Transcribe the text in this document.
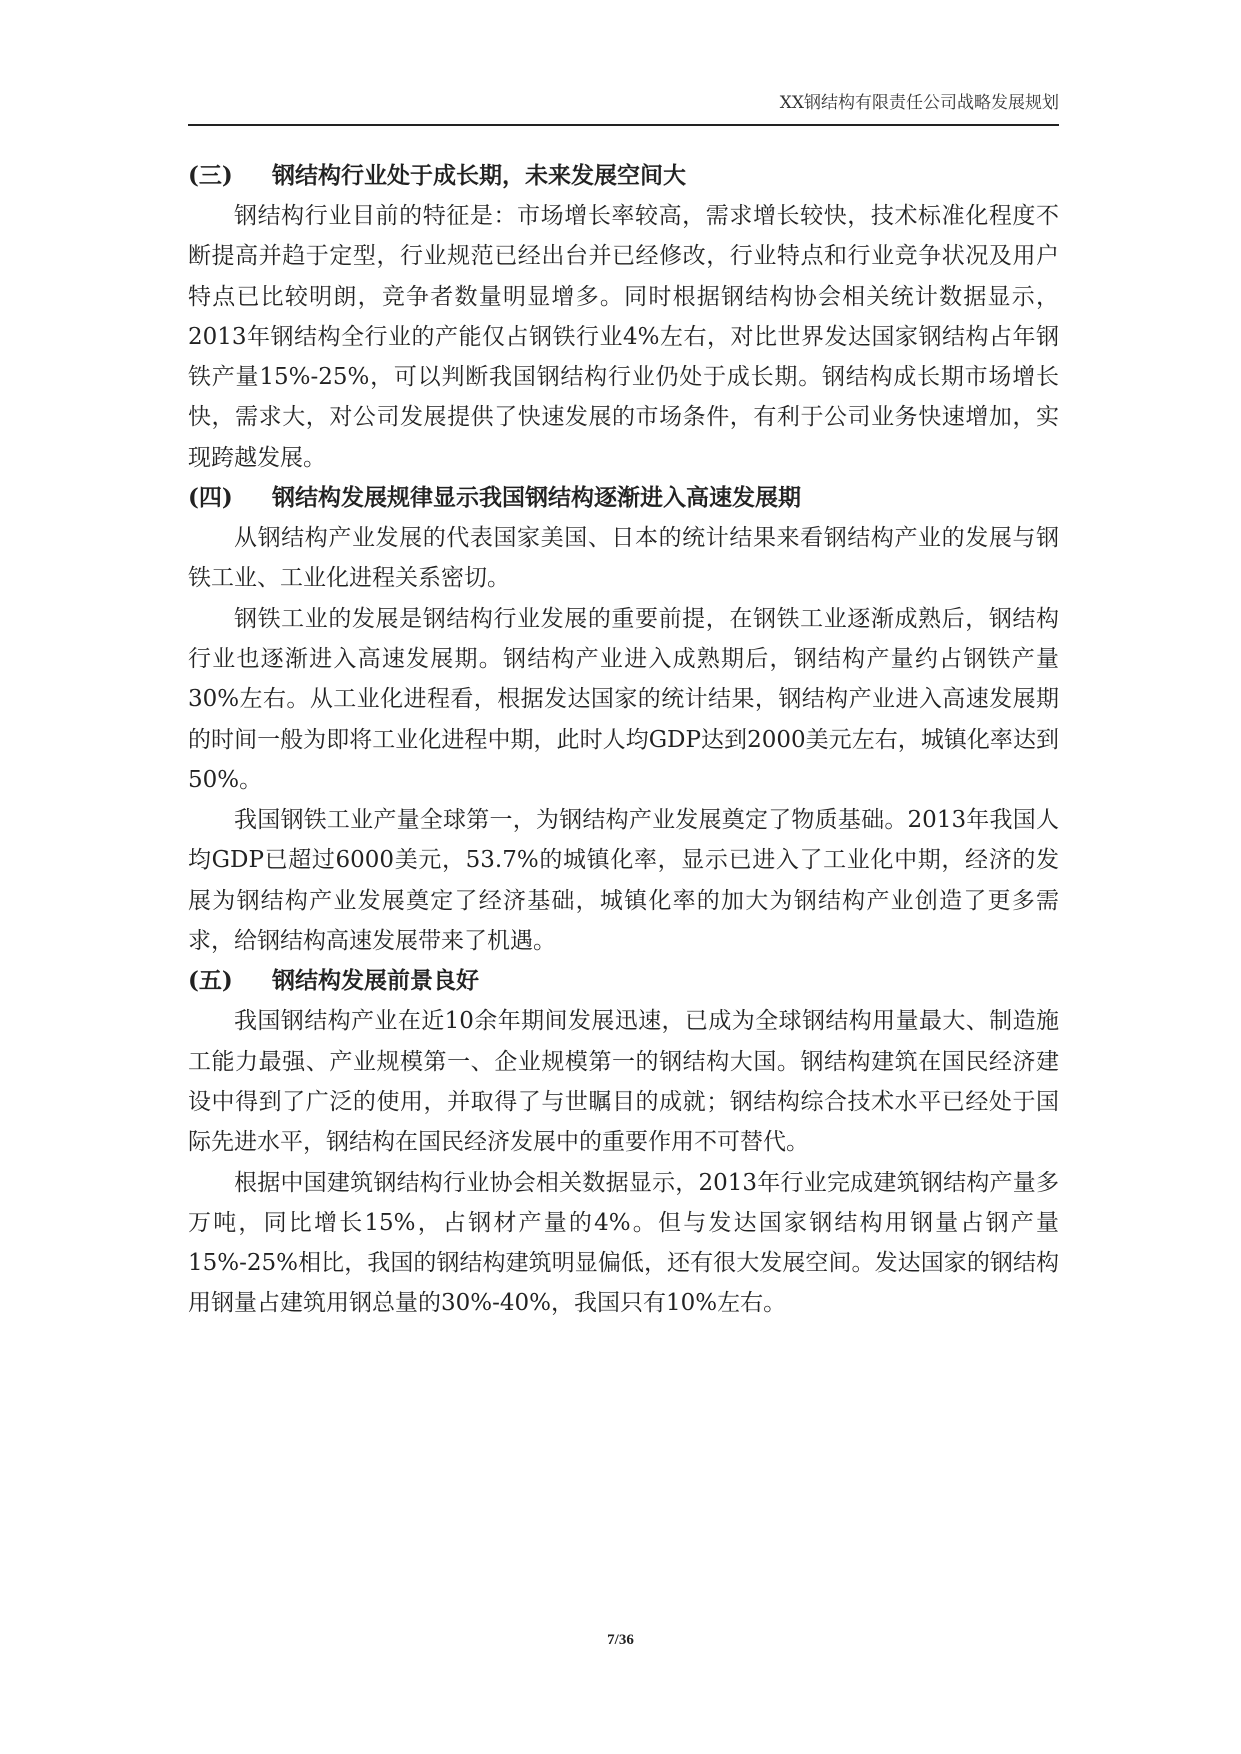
XX钢结构有限责任公司战略发展规划
(三)	钢结构行业处于成长期，未来发展空间大

钢结构行业目前的特征是：市场增长率较高，需求增长较快，技术标准化程度不断提高并趋于定型，行业规范已经出台并已经修改，行业特点和行业竞争状况及用户特点已比较明朗，竞争者数量明显增多。同时根据钢结构协会相关统计数据显示，2013年钢结构全行业的产能仅占钢铁行业4%左右，对比世界发达国家钢结构占年钢铁产量15%-25%，可以判断我国钢结构行业仍处于成长期。钢结构成长期市场增长快，需求大，对公司发展提供了快速发展的市场条件，有利于公司业务快速增加，实现跨越发展。

(四)	钢结构发展规律显示我国钢结构逐渐进入高速发展期

从钢结构产业发展的代表国家美国、日本的统计结果来看钢结构产业的发展与钢铁工业、工业化进程关系密切。

钢铁工业的发展是钢结构行业发展的重要前提，在钢铁工业逐渐成熟后，钢结构行业也逐渐进入高速发展期。钢结构产业进入成熟期后，钢结构产量约占钢铁产量30%左右。从工业化进程看，根据发达国家的统计结果，钢结构产业进入高速发展期的时间一般为即将工业化进程中期，此时人均GDP达到2000美元左右，城镇化率达到50%。

我国钢铁工业产量全球第一，为钢结构产业发展奠定了物质基础。2013年我国人均GDP已超过6000美元，53.7%的城镇化率，显示已进入了工业化中期，经济的发展为钢结构产业发展奠定了经济基础，城镇化率的加大为钢结构产业创造了更多需求，给钢结构高速发展带来了机遇。

(五)	钢结构发展前景良好

我国钢结构产业在近10余年期间发展迅速，已成为全球钢结构用量最大、制造施工能力最强、产业规模第一、企业规模第一的钢结构大国。钢结构建筑在国民经济建设中得到了广泛的使用，并取得了与世瞩目的成就；钢结构综合技术水平已经处于国际先进水平，钢结构在国民经济发展中的重要作用不可替代。

根据中国建筑钢结构行业协会相关数据显示，2013年行业完成建筑钢结构产量多万吨，同比增长15%，占钢材产量的4%。但与发达国家钢结构用钢量占钢产量15%-25%相比，我国的钢结构建筑明显偏低，还有很大发展空间。发达国家的钢结构用钢量占建筑用钢总量的30%-40%，我国只有10%左右。

7/36
